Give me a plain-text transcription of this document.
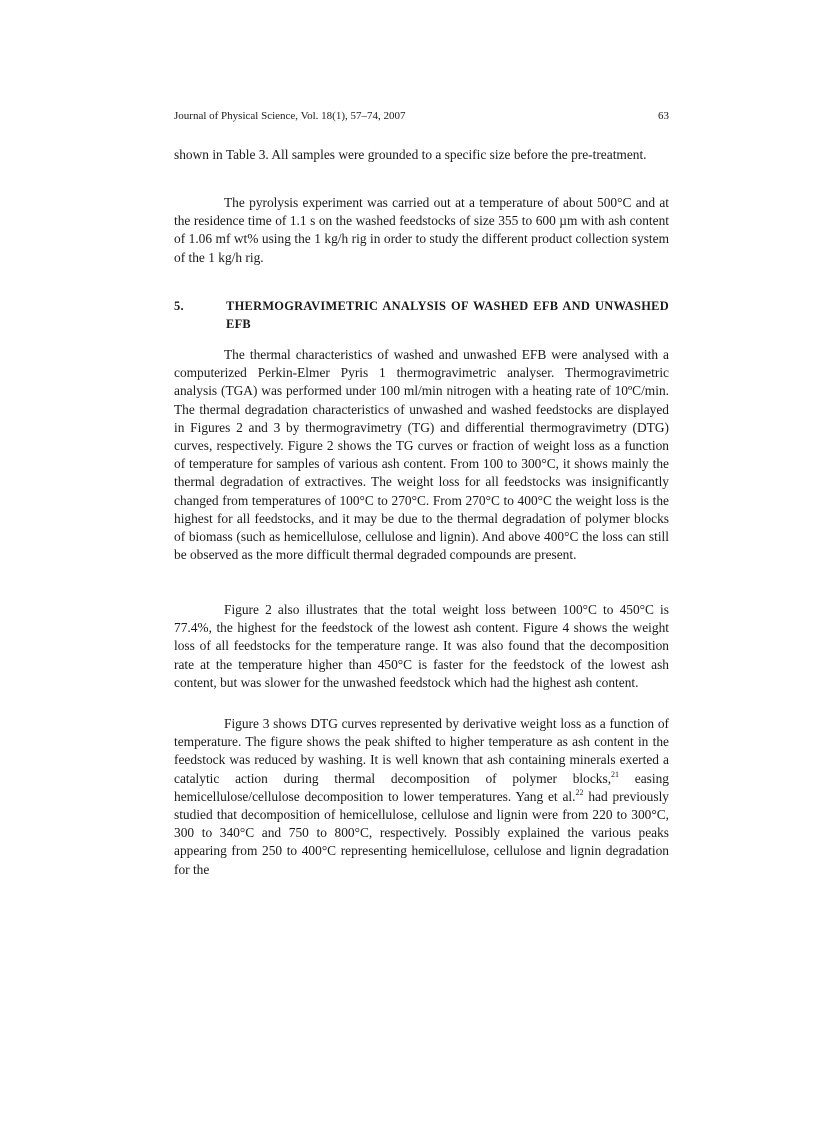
Journal of Physical Science, Vol. 18(1), 57–74, 2007	63

shown in Table 3. All samples were grounded to a specific size before the pre-treatment.

The pyrolysis experiment was carried out at a temperature of about 500°C and at the residence time of 1.1 s on the washed feedstocks of size 355 to 600 µm with ash content of 1.06 mf wt% using the 1 kg/h rig in order to study the different product collection system of the 1 kg/h rig.

5.	THERMOGRAVIMETRIC ANALYSIS OF WASHED EFB AND UNWASHED EFB

The thermal characteristics of washed and unwashed EFB were analysed with a computerized Perkin-Elmer Pyris 1 thermogravimetric analyser. Thermogravimetric analysis (TGA) was performed under 100 ml/min nitrogen with a heating rate of 10ºC/min. The thermal degradation characteristics of unwashed and washed feedstocks are displayed in Figures 2 and 3 by thermogravimetry (TG) and differential thermogravimetry (DTG) curves, respectively. Figure 2 shows the TG curves or fraction of weight loss as a function of temperature for samples of various ash content. From 100 to 300°C, it shows mainly the thermal degradation of extractives. The weight loss for all feedstocks was insignificantly changed from temperatures of 100°C to 270°C. From 270°C to 400°C the weight loss is the highest for all feedstocks, and it may be due to the thermal degradation of polymer blocks of biomass (such as hemicellulose, cellulose and lignin). And above 400°C the loss can still be observed as the more difficult thermal degraded compounds are present.

Figure 2 also illustrates that the total weight loss between 100°C to 450°C is 77.4%, the highest for the feedstock of the lowest ash content. Figure 4 shows the weight loss of all feedstocks for the temperature range. It was also found that the decomposition rate at the temperature higher than 450°C is faster for the feedstock of the lowest ash content, but was slower for the unwashed feedstock which had the highest ash content.

Figure 3 shows DTG curves represented by derivative weight loss as a function of temperature. The figure shows the peak shifted to higher temperature as ash content in the feedstock was reduced by washing. It is well known that ash containing minerals exerted a catalytic action during thermal decomposition of polymer blocks,$^{21}$ easing hemicellulose/cellulose decomposition to lower temperatures. Yang et al.$^{22}$ had previously studied that decomposition of hemicellulose, cellulose and lignin were from 220 to 300°C, 300 to 340°C and 750 to 800°C, respectively. Possibly explained the various peaks appearing from 250 to 400°C representing hemicellulose, cellulose and lignin degradation for the
